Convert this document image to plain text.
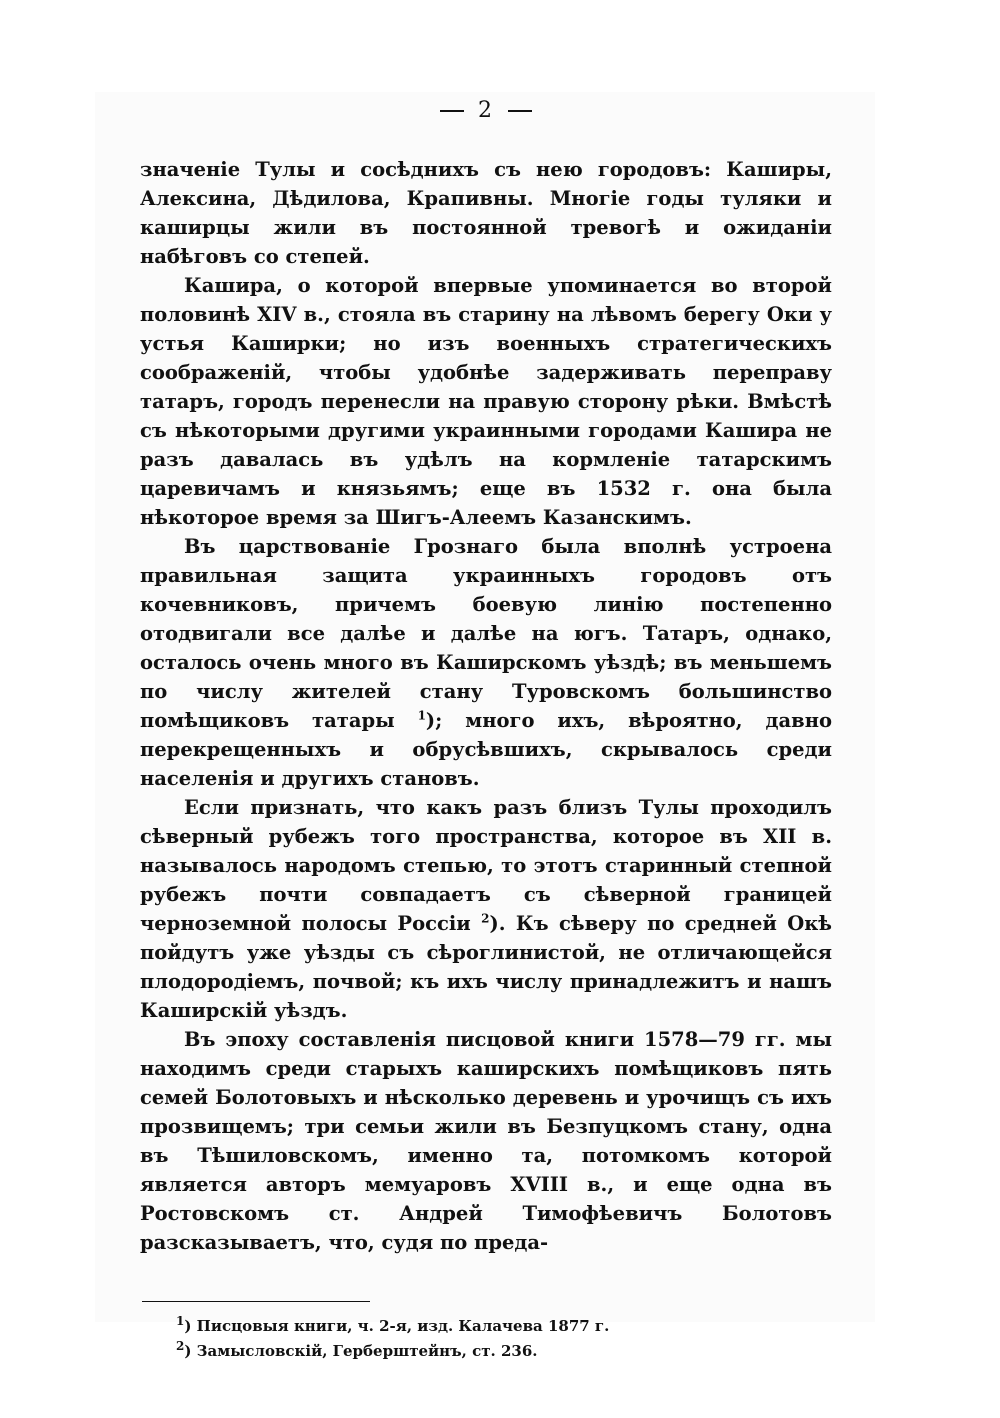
2

значеніе Тулы и сосѣднихъ съ нею городовъ: Каширы, Алексина, Дѣдилова, Крапивны. Многіе годы туляки и каширцы жили въ постоянной тревогѣ и ожиданіи набѣговъ со степей.

Кашира, о которой впервые упоминается во второй половинѣ XIV в., стояла въ старину на лѣвомъ берегу Оки у устья Каширки; но изъ военныхъ стратегическихъ соображеній, чтобы удобнѣе задерживать переправу татаръ, городъ перенесли на правую сторону рѣки. Вмѣстѣ съ нѣкоторыми другими украинными городами Кашира не разъ давалась въ удѣлъ на кормленіе татарскимъ царевичамъ и князьямъ; еще въ 1532 г. она была нѣкоторое время за Шигъ-Алеемъ Казанскимъ.

Въ царствованіе Грознаго была вполнѣ устроена правильная защита украинныхъ городовъ отъ кочевниковъ, причемъ боевую линію постепенно отодвигали все далѣе и далѣе на югъ. Татаръ, однако, осталось очень много въ Каширскомъ уѣздѣ; въ меньшемъ по числу жителей стану Туровскомъ большинство помѣщиковъ татары $^1$); много ихъ, вѣроятно, давно перекрещенныхъ и обрусѣвшихъ, скрывалось среди населенія и другихъ становъ.

Если признать, что какъ разъ близъ Тулы проходилъ сѣверный рубежъ того пространства, которое въ XII в. называлось народомъ степью, то этотъ старинный степной рубежъ почти совпадаетъ съ сѣверной границей черноземной полосы Россіи $^2$). Къ сѣверу по средней Окѣ пойдутъ уже уѣзды съ сѣроглинистой, не отличающейся плодородіемъ, почвой; къ ихъ числу принадлежитъ и нашъ Каширскій уѣздъ.

Въ эпоху составленія писцовой книги 1578—79 гг. мы находимъ среди старыхъ каширскихъ помѣщиковъ пять семей Болотовыхъ и нѣсколько деревень и урочищъ съ ихъ прозвищемъ; три семьи жили въ Безпуцкомъ стану, одна въ Тѣшиловскомъ, именно та, потомкомъ которой является авторъ мемуаровъ XVIII в., и еще одна въ Ростовскомъ ст. Андрей Тимофѣевичъ Болотовъ разсказываетъ, что, судя по преда-

$^1$) Писцовыя книги, ч. 2-я, изд. Калачева 1877 г.

$^2$) Замысловскій, Герберштейнъ, ст. 236.
